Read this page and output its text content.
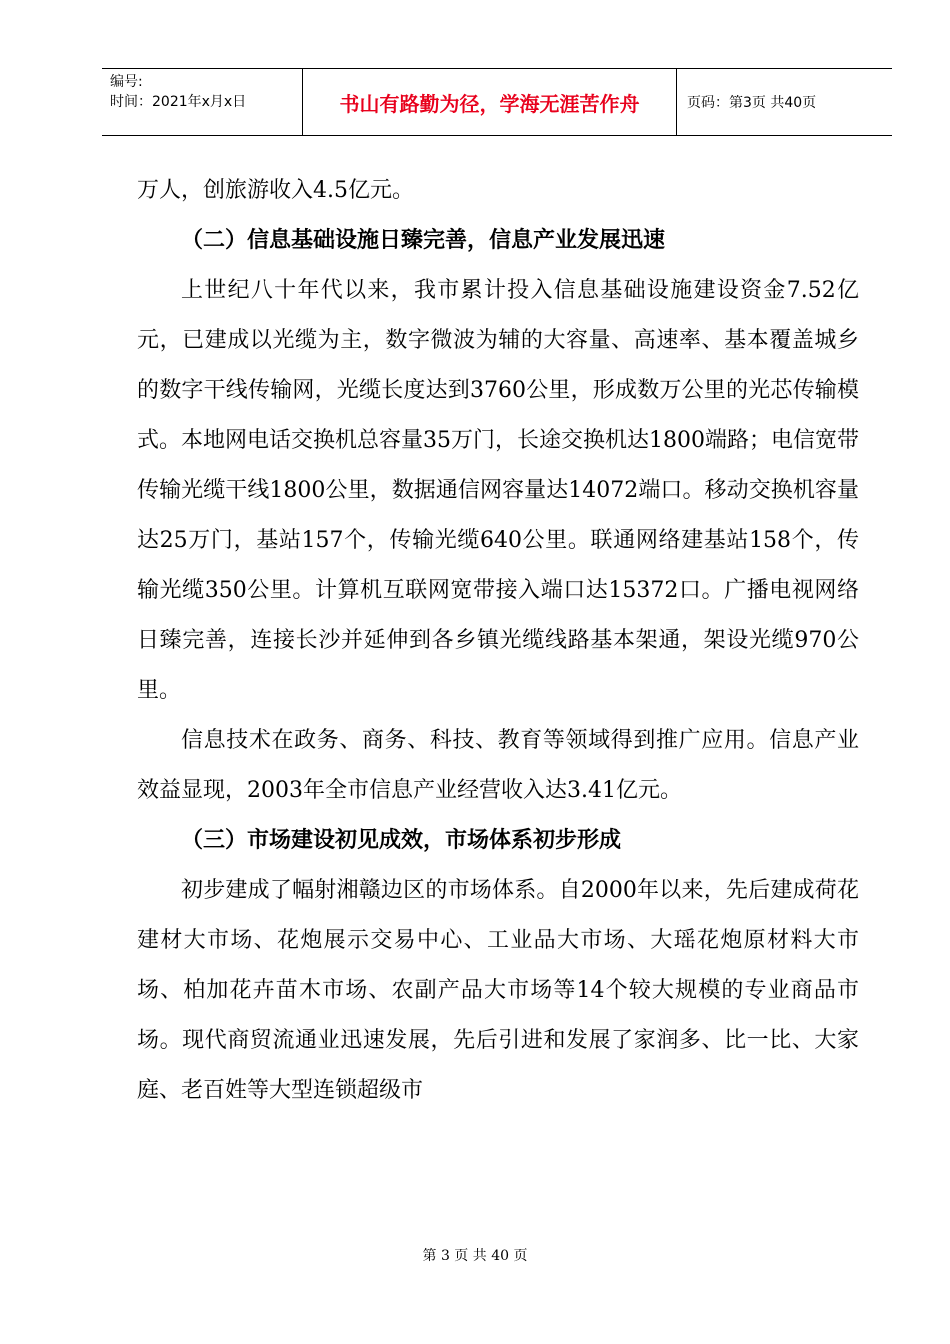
编号:
时间：2021年x月x日	书山有路勤为径，学海无涯苦作舟	页码：第3页 共40页

万人，创旅游收入4.5亿元。

（二）信息基础设施日臻完善，信息产业发展迅速

上世纪八十年代以来，我市累计投入信息基础设施建设资金7.52亿元，已建成以光缆为主，数字微波为辅的大容量、高速率、基本覆盖城乡的数字干线传输网，光缆长度达到3760公里，形成数万公里的光芯传输模式。本地网电话交换机总容量35万门，长途交换机达1800端路；电信宽带传输光缆干线1800公里，数据通信网容量达14072端口。移动交换机容量达25万门，基站157个，传输光缆640公里。联通网络建基站158个，传输光缆350公里。计算机互联网宽带接入端口达15372口。广播电视网络日臻完善，连接长沙并延伸到各乡镇光缆线路基本架通，架设光缆970公里。

信息技术在政务、商务、科技、教育等领域得到推广应用。信息产业效益显现，2003年全市信息产业经营收入达3.41亿元。

（三）市场建设初见成效，市场体系初步形成

初步建成了幅射湘赣边区的市场体系。自2000年以来，先后建成荷花建材大市场、花炮展示交易中心、工业品大市场、大瑶花炮原材料大市场、柏加花卉苗木市场、农副产品大市场等14个较大规模的专业商品市场。现代商贸流通业迅速发展，先后引进和发展了家润多、比一比、大家庭、老百姓等大型连锁超级市

第 3 页 共 40 页
